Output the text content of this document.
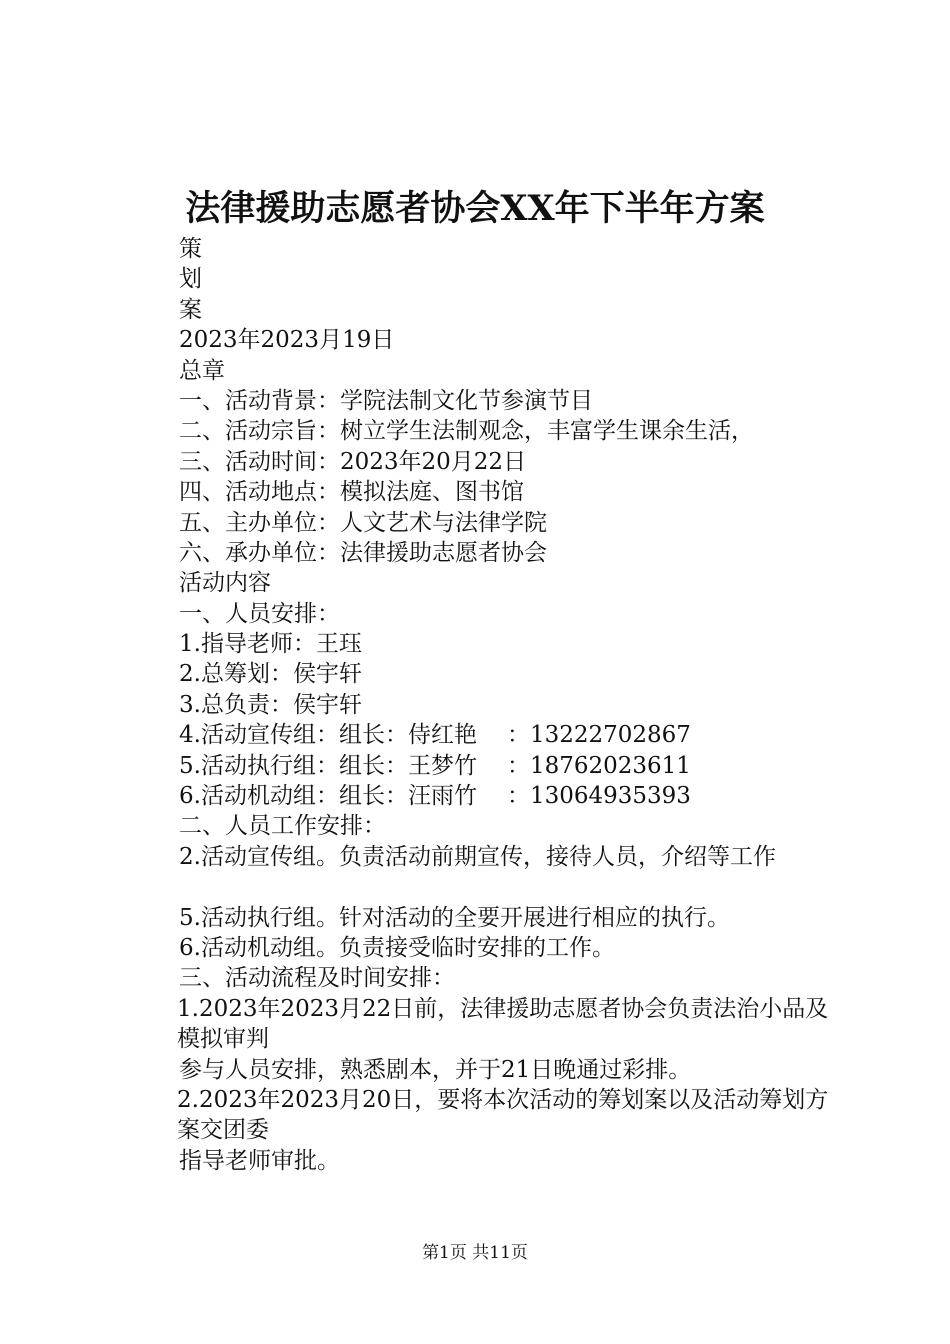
法律援助志愿者协会XX年下半年方案
策
划
案
2023年2023月19日
总章
一、活动背景：学院法制文化节参演节目
二、活动宗旨：树立学生法制观念，丰富学生课余生活，
三、活动时间：2023年20月22日
四、活动地点：模拟法庭、图书馆
五、主办单位：人文艺术与法律学院
六、承办单位：法律援助志愿者协会
活动内容
一、人员安排：
1.指导老师：王珏
2.总筹划：侯宇轩
3.总负责：侯宇轩
4.活动宣传组：组长：侍红艳 ：13222702867
5.活动执行组：组长：王梦竹 ：18762023611
6.活动机动组：组长：汪雨竹 ：13064935393
二、人员工作安排：
2.活动宣传组。负责活动前期宣传，接待人员，介绍等工作
5.活动执行组。针对活动的全要开展进行相应的执行。
6.活动机动组。负责接受临时安排的工作。
三、活动流程及时间安排：
1.2023年2023月22日前，法律援助志愿者协会负责法治小品及模拟审判
参与人员安排，熟悉剧本，并于21日晚通过彩排。
2.2023年2023月20日，要将本次活动的筹划案以及活动筹划方案交团委
指导老师审批。
第1页 共11页
